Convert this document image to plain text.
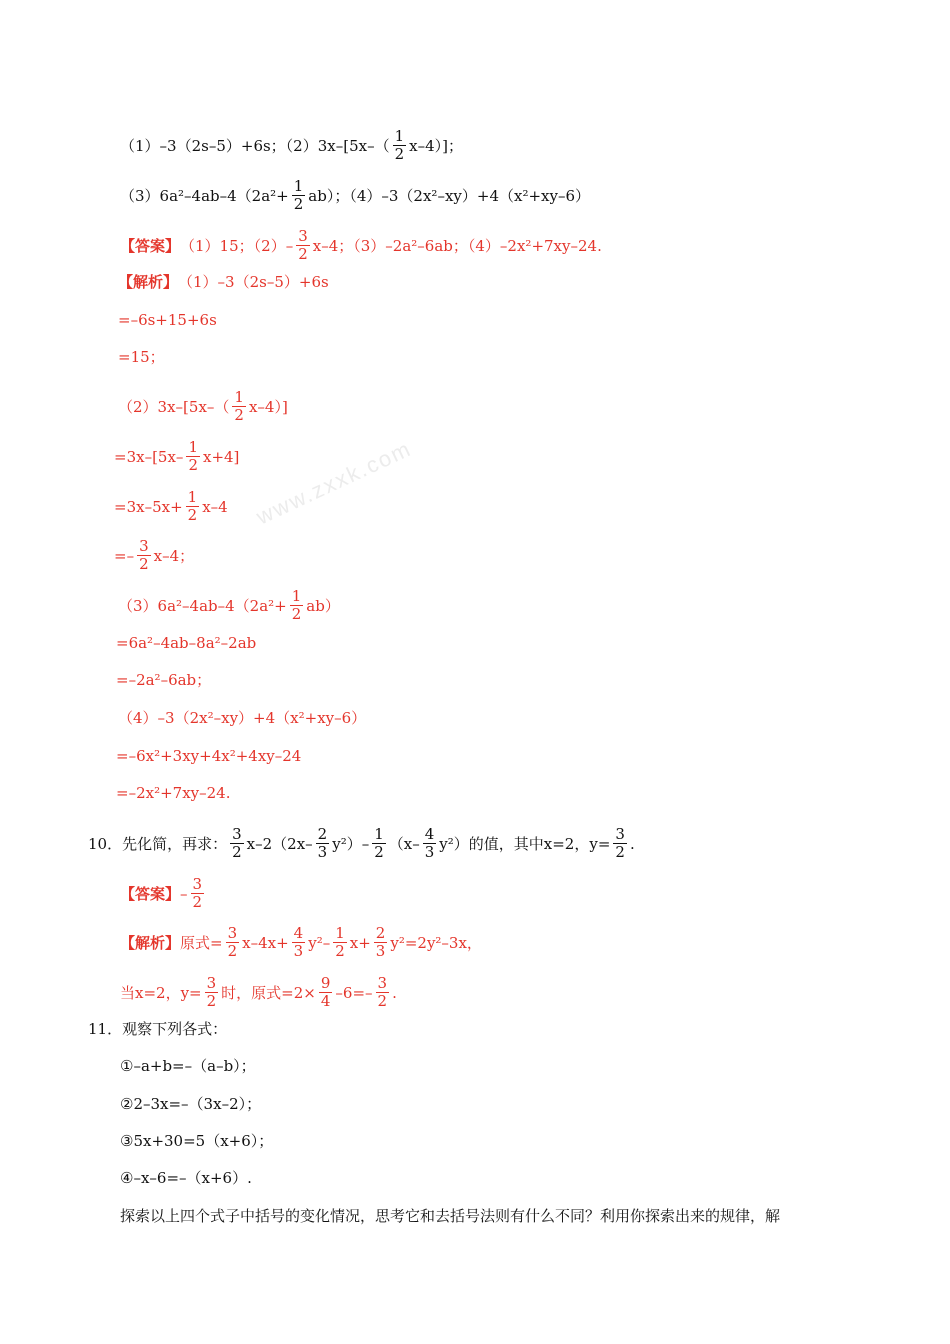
www.zxxk.com
（1）–3（2s–5）+6s；$(2)3x-[5x-( \frac{1}{2} x-4)]$；
$(3)6a^2-4ab-4(2a^2+ \frac{1}{2} ab)$；（4）–3（2x²–xy）+4（x²+xy–6）
【答案】 （1）15；$(2)- \frac{3}{2} x-4$；（3）–2a²–6ab；（4）–2x²+7xy–24.
【解析】 （1）–3（2s–5）+6s
=–6s+15+6s
=15；
$(2)3x-[5x-( \frac{1}{2} x-4)]$
$=3x-[5x- \frac{1}{2} x+4]$
$=3x-5x+ \frac{1}{2} x-4$
=– $\frac{3}{2} x-4$；
$(3)6a^2-4ab-4(2a^2+ \frac{1}{2} ab)$
=6a²–4ab–8a²–2ab
=–2a²–6ab；
（4）–3（2x²–xy）+4（x²+xy–6）
=–6x²+3xy+4x²+4xy–24
=–2x²+7xy–24.
10． 先化简，再求： $\frac{3}{2} x-2(2x- \frac{2}{3} y^2)- \frac{1}{2} (x- \frac{4}{3} y^2)$的值，其中x=2，$y= \frac{3}{2}$ .
【答案】 – $\frac{3}{2}$
【解析】 原式= $\frac{3}{2} x-4x+ \frac{4}{3} y^2- \frac{1}{2} x+ \frac{2}{3} y^2=2y^2-3x$，
当x=2，$y= \frac{3}{2}$ 时，原式$=2\times \frac{9}{4} -6=- \frac{3}{2}$ .
11． 观察下列各式：
①–a+b=–（a–b）；
②2–3x=–（3x–2）；
③5x+30=5（x+6）；
④–x–6=–（x+6）.
探索以上四个式子中括号的变化情况，思考它和去括号法则有什么不同？利用你探索出来的规律，解
